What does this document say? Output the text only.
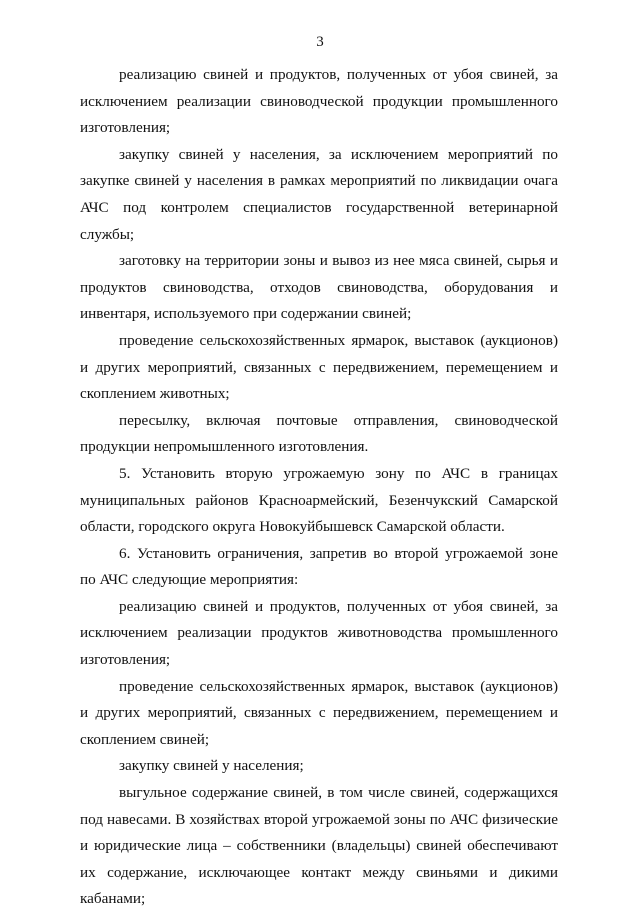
3

реализацию свиней и продуктов, полученных от убоя свиней, за исключением реализации свиноводческой продукции промышленного изготовления;

закупку свиней у населения, за исключением мероприятий по закупке свиней у населения в рамках мероприятий по ликвидации очага АЧС под контролем специалистов государственной ветеринарной службы;

заготовку на территории зоны и вывоз из нее мяса свиней, сырья и продуктов свиноводства, отходов свиноводства, оборудования и инвентаря, используемого при содержании свиней;

проведение сельскохозяйственных ярмарок, выставок (аукционов) и других мероприятий, связанных с передвижением, перемещением и скоплением животных;

пересылку, включая почтовые отправления, свиноводческой продукции непромышленного изготовления.

5. Установить вторую угрожаемую зону по АЧС в границах муниципальных районов Красноармейский, Безенчукский Самарской области, городского округа Новокуйбышевск Самарской области.

6. Установить ограничения, запретив во второй угрожаемой зоне по АЧС следующие мероприятия:

реализацию свиней и продуктов, полученных от убоя свиней, за исключением реализации продуктов животноводства промышленного изготовления;

проведение сельскохозяйственных ярмарок, выставок (аукционов) и других мероприятий, связанных с передвижением, перемещением и скоплением свиней;

закупку свиней у населения;

выгульное содержание свиней, в том числе свиней, содержащихся под навесами. В хозяйствах второй угрожаемой зоны по АЧС физические и юридические лица – собственники (владельцы) свиней обеспечивают их содержание, исключающее контакт между свиньями и дикими кабанами;
